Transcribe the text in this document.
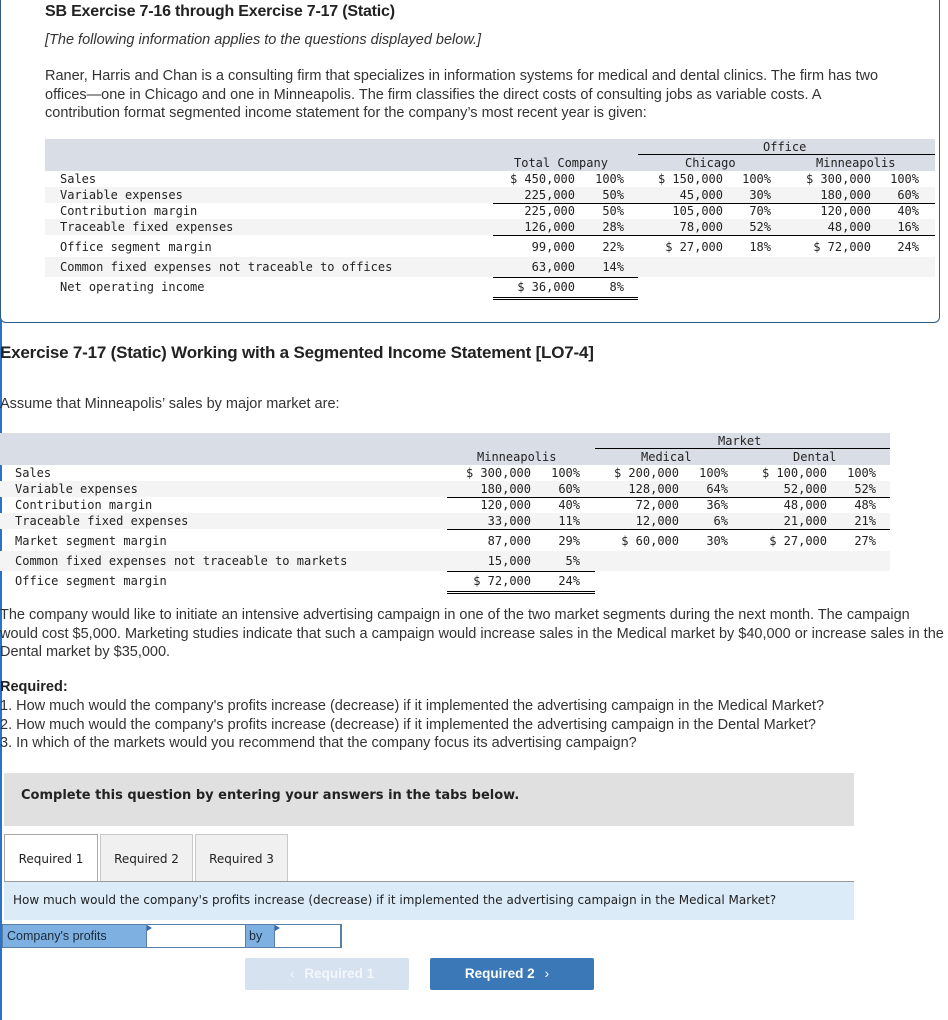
SB Exercise 7-16 through Exercise 7-17 (Static)
[The following information applies to the questions displayed below.]
Raner, Harris and Chan is a consulting firm that specializes in information systems for medical and dental clinics. The firm has two offices—one in Chicago and one in Minneapolis. The firm classifies the direct costs of consulting jobs as variable costs. A contribution format segmented income statement for the company’s most recent year is given:
Office
Total Company	Chicago	Minneapolis
Sales	$ 450,000	100%	$ 150,000	100%	$ 300,000	100%
Variable expenses	225,000	50%	45,000	30%	180,000	60%
Contribution margin	225,000	50%	105,000	70%	120,000	40%
Traceable fixed expenses	126,000	28%	78,000	52%	48,000	16%
Office segment margin	99,000	22%	$ 27,000	18%	$ 72,000	24%
Common fixed expenses not traceable to offices	63,000	14%
Net operating income	$ 36,000	8%
Exercise 7-17 (Static) Working with a Segmented Income Statement [LO7-4]
Assume that Minneapolis’ sales by major market are:
Market
Minneapolis	Medical	Dental
Sales	$ 300,000	100%	$ 200,000	100%	$ 100,000	100%
Variable expenses	180,000	60%	128,000	64%	52,000	52%
Contribution margin	120,000	40%	72,000	36%	48,000	48%
Traceable fixed expenses	33,000	11%	12,000	6%	21,000	21%
Market segment margin	87,000	29%	$ 60,000	30%	$ 27,000	27%
Common fixed expenses not traceable to markets	15,000	5%
Office segment margin	$ 72,000	24%
The company would like to initiate an intensive advertising campaign in one of the two market segments during the next month. The campaign would cost $5,000. Marketing studies indicate that such a campaign would increase sales in the Medical market by $40,000 or increase sales in the Dental market by $35,000.
Required:
1. How much would the company's profits increase (decrease) if it implemented the advertising campaign in the Medical Market?
2. How much would the company's profits increase (decrease) if it implemented the advertising campaign in the Dental Market?
3. In which of the markets would you recommend that the company focus its advertising campaign?
Complete this question by entering your answers in the tabs below.
Required 1	Required 2	Required 3
How much would the company's profits increase (decrease) if it implemented the advertising campaign in the Medical Market?
Company's profits	by
‹ Required 1	Required 2 ›
